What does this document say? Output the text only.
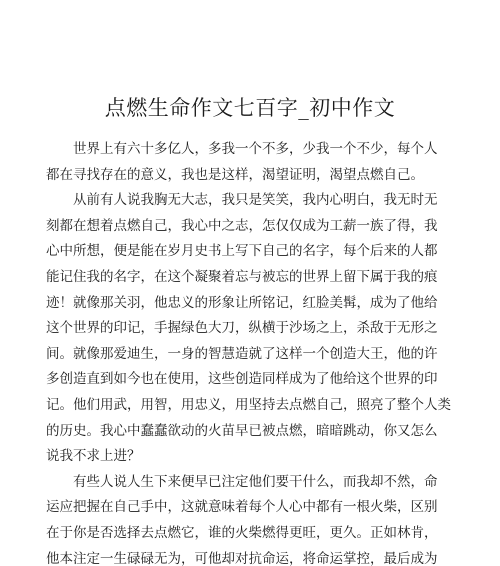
点燃生命作文七百字_初中作文

世界上有六十多亿人，多我一个不多，少我一个不少，每个人
都在寻找存在的意义，我也是这样，渴望证明，渴望点燃自己。

从前有人说我胸无大志，我只是笑笑，我内心明白，我无时无
刻都在想着点燃自己，我心中之志，怎仅仅成为工薪一族了得，我
心中所想，便是能在岁月史书上写下自己的名字，每个后来的人都
能记住我的名字，在这个凝聚着忘与被忘的世界上留下属于我的痕
迹！就像那关羽，他忠义的形象让所铭记，红脸美髯，成为了他给
这个世界的印记，手握绿色大刀，纵横于沙场之上，杀敌于无形之
间。就像那爱迪生，一身的智慧造就了这样一个创造大王，他的许
多创造直到如今也在使用，这些创造同样成为了他给这个世界的印
记。他们用武，用智，用忠义，用坚持去点燃自己，照亮了整个人类
的历史。我心中蠢蠢欲动的火苗早已被点燃，暗暗跳动，你又怎么
说我不求上进？

有些人说人生下来便早已注定他们要干什么，而我却不然，命
运应把握在自己手中，这就意味着每个人心中都有一根火柴，区别
在于你是否选择去点燃它，谁的火柴燃得更旺，更久。正如林肯，
他本注定一生碌碌无为，可他却对抗命运，将命运掌控，最后成为
